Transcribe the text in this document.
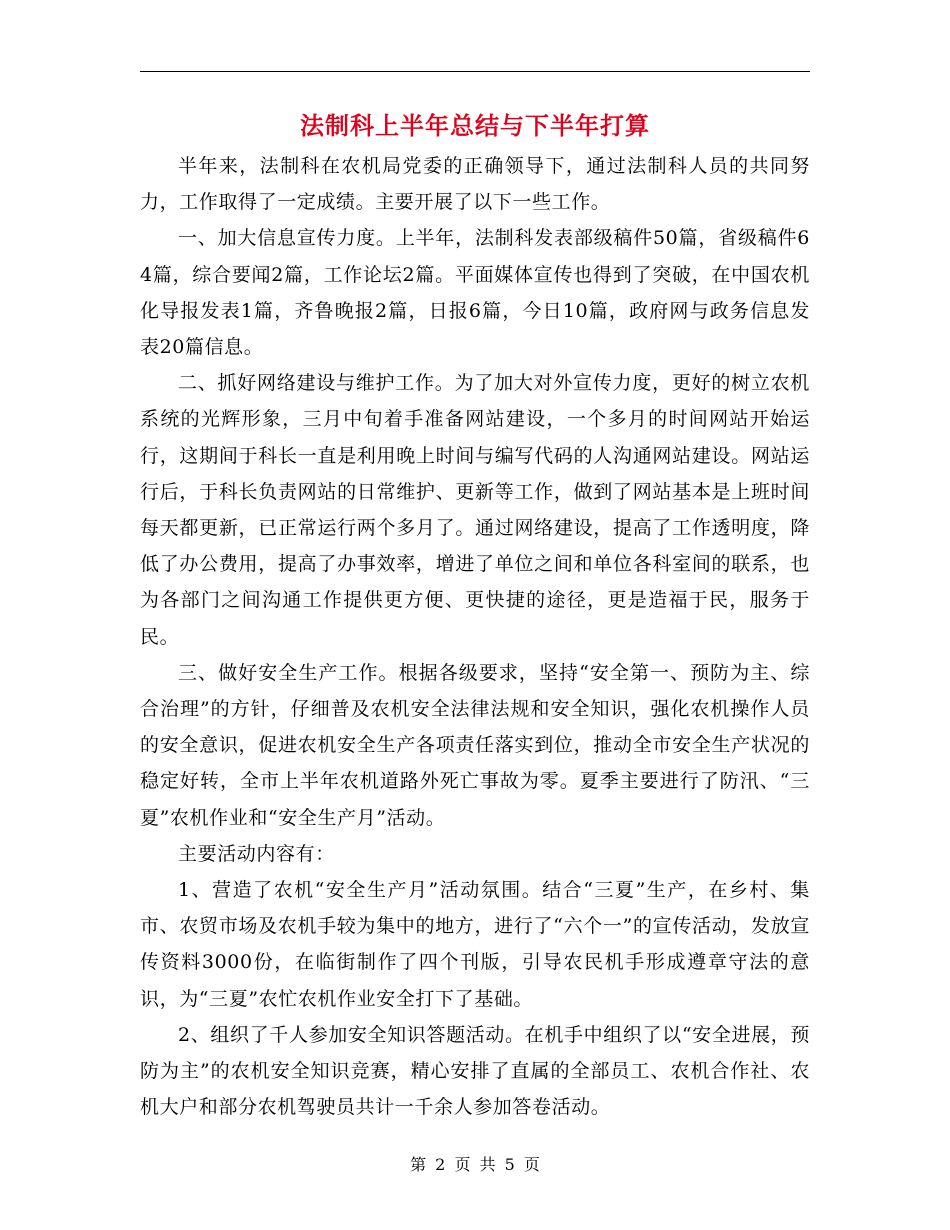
法制科上半年总结与下半年打算

半年来，法制科在农机局党委的正确领导下，通过法制科人员的共同努力，工作取得了一定成绩。主要开展了以下一些工作。

一、加大信息宣传力度。上半年，法制科发表部级稿件50篇，省级稿件64篇，综合要闻2篇，工作论坛2篇。平面媒体宣传也得到了突破，在中国农机化导报发表1篇，齐鲁晚报2篇，日报6篇，今日10篇，政府网与政务信息发表20篇信息。

二、抓好网络建设与维护工作。为了加大对外宣传力度，更好的树立农机系统的光辉形象，三月中旬着手准备网站建设，一个多月的时间网站开始运行，这期间于科长一直是利用晚上时间与编写代码的人沟通网站建设。网站运行后，于科长负责网站的日常维护、更新等工作，做到了网站基本是上班时间每天都更新，已正常运行两个多月了。通过网络建设，提高了工作透明度，降低了办公费用，提高了办事效率，增进了单位之间和单位各科室间的联系，也为各部门之间沟通工作提供更方便、更快捷的途径，更是造福于民，服务于民。

三、做好安全生产工作。根据各级要求，坚持“安全第一、预防为主、综合治理”的方针，仔细普及农机安全法律法规和安全知识，强化农机操作人员的安全意识，促进农机安全生产各项责任落实到位，推动全市安全生产状况的稳定好转，全市上半年农机道路外死亡事故为零。夏季主要进行了防汛、“三夏”农机作业和“安全生产月”活动。

主要活动内容有：

1、营造了农机“安全生产月”活动氛围。结合“三夏”生产，在乡村、集市、农贸市场及农机手较为集中的地方，进行了“六个一”的宣传活动，发放宣传资料3000份，在临街制作了四个刊版，引导农民机手形成遵章守法的意识，为“三夏”农忙农机作业安全打下了基础。

2、组织了千人参加安全知识答题活动。在机手中组织了以“安全进展，预防为主”的农机安全知识竞赛，精心安排了直属的全部员工、农机合作社、农机大户和部分农机驾驶员共计一千余人参加答卷活动。

第 2 页 共 5 页
